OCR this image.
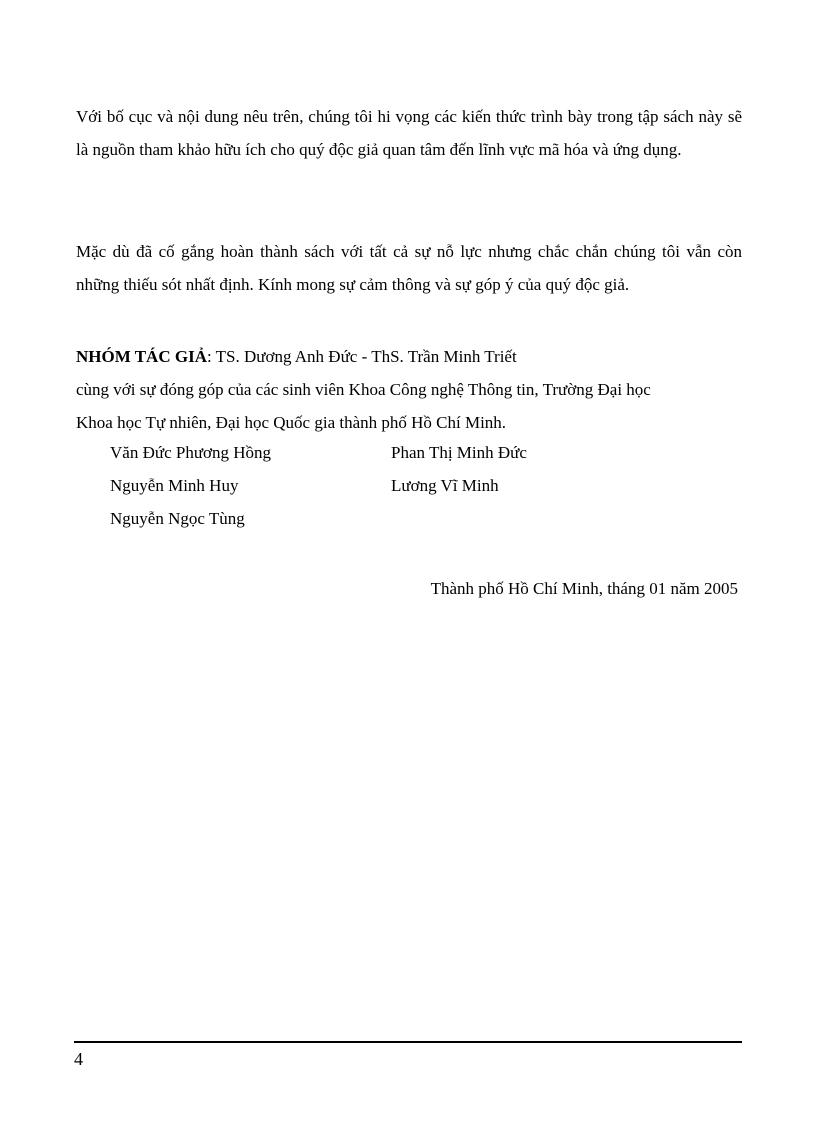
Với bố cục và nội dung nêu trên, chúng tôi hi vọng các kiến thức trình bày trong tập sách này sẽ là nguồn tham khảo hữu ích cho quý độc giả quan tâm đến lĩnh vực mã hóa và ứng dụng.

Mặc dù đã cố gắng hoàn thành sách với tất cả sự nỗ lực nhưng chắc chắn chúng tôi vẫn còn những thiếu sót nhất định. Kính mong sự cảm thông và sự góp ý của quý độc giả.

NHÓM TÁC GIẢ: TS. Dương Anh Đức - ThS. Trần Minh Triết
cùng với sự đóng góp của các sinh viên Khoa Công nghệ Thông tin, Trường Đại học
Khoa học Tự nhiên, Đại học Quốc gia thành phố Hồ Chí Minh.
Văn Đức Phương Hồng	Phan Thị Minh Đức
Nguyễn Minh Huy	Lương Vĩ Minh
Nguyễn Ngọc Tùng
Thành phố Hồ Chí Minh, tháng 01 năm 2005
4
